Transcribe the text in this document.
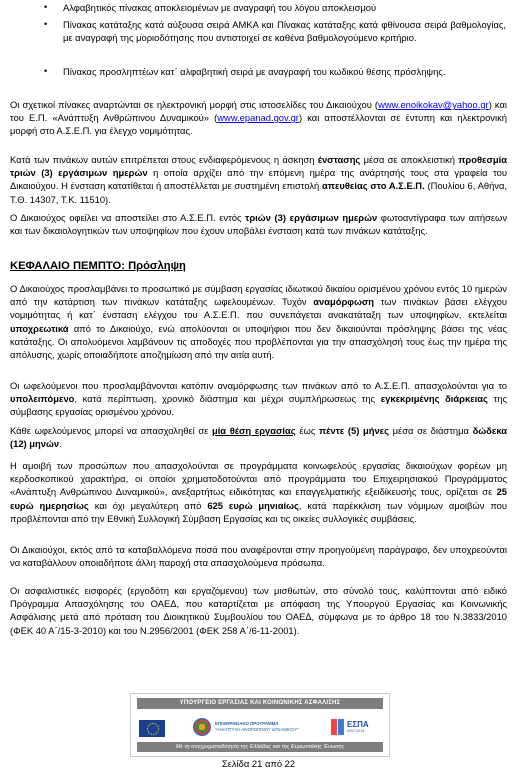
• Αλφαβητικός πίνακας αποκλειομένων με αναγραφή του λόγου αποκλεισμού
• Πίνακας κατάταξης κατά αύξουσα σειρά ΑΜΚΑ και Πίνακας κατάταξης κατά φθίνουσα σειρά βαθμολογίας, με αναγραφή της μοριοδότησης που αντιστοιχεί σε καθένα βαθμολογούμενο κριτήριο.
• Πίνακας προσληπτέων κατ΄ αλφαβητική σειρά με αναγραφή του κωδικού θέσης πρόσληψης.
Οι σχετικοί πίνακες αναρτώνται σε ηλεκτρονική μορφή στις ιστοσελίδες του Δικαιούχου (www.enoikokav@yahoo.gr) και του Ε.Π. «Ανάπτυξη Ανθρώπινου Δυναμικού» (www.epanad.gov.gr) και αποστέλλονται σε έντυπη και ηλεκτρονική μορφή στο Α.Σ.Ε.Π. για έλεγχο νομιμότητας.
Κατά των πινάκων αυτών επιτρέπεται στους ενδιαφερόμενους η άσκηση ένστασης μέσα σε αποκλειστική προθεσμία τριών (3) εργάσιμων ημερών η οποία αρχίζει από την επόμενη ημέρα της ανάρτησής τους στα γραφεία του Δικαιούχου. Η ένσταση κατατίθεται ή αποστέλλεται με συστημένη επιστολή απευθείας στο Α.Σ.Ε.Π. (Πουλίου 6, Αθήνα, Τ.Θ. 14307, Τ.Κ. 11510).
Ο Δικαιούχος οφείλει να αποστείλει στο Α.Σ.Ε.Π. εντός τριών (3) εργάσιμων ημερών φωτοαντίγραφα των αιτήσεων και των δικαιολογητικών των υποψηφίων που έχουν υποβάλει ένσταση κατά των πινάκων κατάταξης.
ΚΕΦΑΛΑΙΟ ΠΕΜΠΤΟ: Πρόσληψη
Ο Δικαιούχος προσλαμβάνει το προσωπικό με σύμβαση εργασίας ιδιωτικού δικαίου ορισμένου χρόνου εντός 10 ημερών από την κατάρτιση των πινάκων κατάταξης ωφελουμένων. Τυχόν αναμόρφωση των πινάκων βάσει ελέγχου νομιμότητας ή κατ΄ ένσταση ελέγχου του Α.Σ.Ε.Π. που συνεπάγεται ανακατάταξη των υποψηφίων, εκτελείται υποχρεωτικά από το Δικαιούχο, ενώ απολύονται οι υποψήφιοι που δεν δικαιούνται πρόσληψης βάσει της νέας κατάταξης. Οι απολυόμενοι λαμβάνουν τις αποδοχές που προβλέπονται για την απασχόλησή τους έως την ημέρα της απόλυσης, χωρίς οποιαδήποτε αποζημίωση από την αιτία αυτή.
Οι ωφελούμενοι που προσλαμβάνονται κατόπιν αναμόρφωσης των πινάκων από το Α.Σ.Ε.Π. απασχολούνται για το υπολειπόμενο, κατά περίπτωση, χρονικό διάστημα και μέχρι συμπλήρωσεως της εγκεκριμένης διάρκειας της σύμβασης εργασίας ορισμένου χρόνου.
Κάθε ωφελούμενος μπορεί να απασχοληθεί σε μία θέση εργασίας έως πέντε (5) μήνες μέσα σε διάστημα δώδεκα (12) μηνών.
Η αμοιβή των προσώπων που απασχολούνται σε προγράμματα κοινωφελούς εργασίας δικαιούχων φορέων μη κερδοσκοπικού χαρακτήρα, οι οποίοι χρηματοδοτούνται από προγράμματα του Επιχειρησιακού Προγράμματος «Ανάπτυξη Ανθρώπινου Δυναμικού», ανεξαρτήτως ειδικότητας και επαγγελματικής εξειδίκευσής τους, ορίζεται σε 25 ευρώ ημερησίως και όχι μεγαλύτερη από 625 ευρώ μηνιαίως, κατά παρέκκλιση των νόμιμων αμοιβών που προβλέπονται από την Εθνική Συλλογική Σύμβαση Εργασίας και τις οικείες συλλογικές συμβάσεις.
Οι Δικαιούχοι, εκτός από τα καταβαλλόμενα ποσά που αναφέρονται στην προηγούμενη παράγραφο, δεν υποχρεούνται να καταβάλλουν οποιαδήποτε άλλη παροχή στα απασχολούμενα πρόσωπα.
Οι ασφαλιστικές εισφορές (εργοδότη και εργαζόμενου) των μισθωτών, στο σύνολό τους, καλύπτονται από ειδικό Πρόγραμμα Απασχόλησης του ΟΑΕΔ, που καταρτίζεται με απόφαση της Υπουργού Εργασίας και Κοινωνικής Ασφάλισης μετά από πρόταση του Διοικητικού Συμβουλίου του ΟΑΕΔ, σύμφωνα με το άρθρο 18 του Ν.3833/2010 (ΦΕΚ 40 Α΄/15-3-2010) και του Ν.2956/2001 (ΦΕΚ 258 Α΄/6-11-2001).
ΥΠΟΥΡΓΕΙΟ ΕΡΓΑΣΙΑΣ ΚΑΙ ΚΟΙΝΩΝΙΚΗΣ ΑΣΦΑΛΙΣΗΣ
ΕΠΙΧΕΙΡΗΣΙΑΚΟ ΠΡΟΓΡΑΜΜΑ
"ΑΝΑΠΤΥΞΗ ΑΝΘΡΩΠΙΝΟΥ ΔΥΝΑΜΙΚΟΥ"
ΕΣΠΑ
2007-2013
Με τη συγχρηματοδότηση της Ελλάδας και της Ευρωπαϊκής Ένωσης
Σελίδα 21 από 22
